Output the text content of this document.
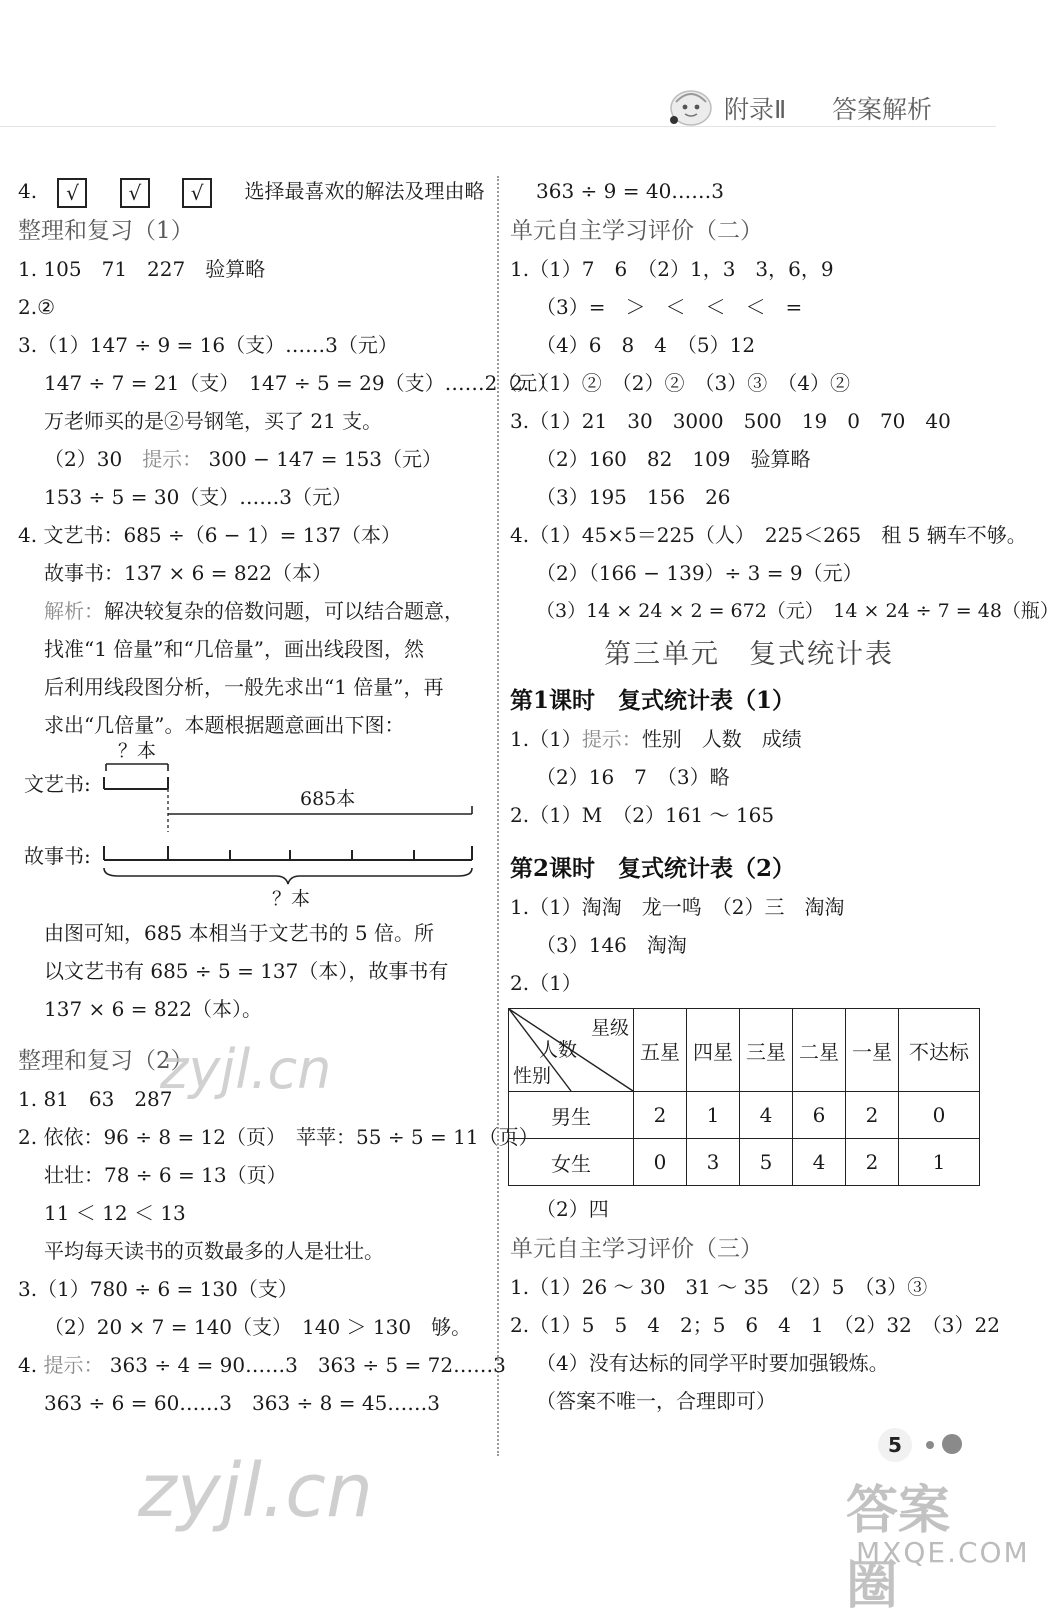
附录Ⅱ 答案解析
4. √ √ √ 选择最喜欢的解法及理由略
整理和复习（1）
1. 105　71　227　验算略
2.②
3.（1）147 ÷ 9 = 16（支）……3（元）
147 ÷ 7 = 21（支）　147 ÷ 5 = 29（支）……2（元）
万老师买的是②号钢笔，买了 21 支。
（2）30　提示： 300 − 147 = 153（元）
153 ÷ 5 = 30（支）……3（元）
4. 文艺书：685 ÷（6 − 1）= 137（本）
故事书：137 × 6 = 822（本）
解析：解决较复杂的倍数问题，可以结合题意，
找准“1 倍量”和“几倍量”，画出线段图，然
后利用线段图分析，一般先求出“1 倍量”，再
求出“几倍量”。本题根据题意画出下图：
？本
文艺书:
685本
故事书:
？本
由图可知，685 本相当于文艺书的 5 倍。所
以文艺书有 685 ÷ 5 = 137（本），故事书有
137 × 6 = 822（本）。
整理和复习（2）
1. 81　63　287
2. 依依：96 ÷ 8 = 12（页）　苹苹：55 ÷ 5 = 11（页）
壮壮：78 ÷ 6 = 13（页）
11 ＜ 12 ＜ 13
平均每天读书的页数最多的人是壮壮。
3.（1）780 ÷ 6 = 130（支）
（2）20 × 7 = 140（支）　140 ＞ 130　够。
4. 提示： 363 ÷ 4 = 90……3　363 ÷ 5 = 72……3
363 ÷ 6 = 60……3　363 ÷ 8 = 45……3
363 ÷ 9 = 40……3
单元自主学习评价（二）
1.（1）7　6　（2）1，3　3，6，9
（3）=　＞　＜　＜　＜　=
（4）6　8　4　（5）12
2.（1）②　（2）②　（3）③　（4）②
3.（1）21　30　3000　500　19　0　70　40
（2）160　82　109　验算略
（3）195　156　26
4.（1）45×5＝225（人）　225＜265　租 5 辆车不够。
（2）（166 − 139）÷ 3 = 9（元）
（3）14 × 24 × 2 = 672（元）　14 × 24 ÷ 7 = 48（瓶）
第三单元　复式统计表
第1课时　复式统计表（1）
1.（1）提示：性别　人数　成绩
（2）16　7　（3）略
2.（1）M　（2）161 ～ 165
第2课时　复式统计表（2）
1.（1）淘淘　龙一鸣　（2）三　淘淘
（3）146　淘淘
2.（1）
星级
人数
性别	五星	四星	三星	二星	一星	不达标
男生	2	1	4	6	2	0
女生	0	3	5	4	2	1
（2）四
单元自主学习评价（三）
1.（1）26 ～ 30　31 ～ 35　（2）5　（3）③
2.（1）5　5　4　2；5　6　4　1　（2）32　（3）22
（4）没有达标的同学平时要加强锻炼。
（答案不唯一，合理即可）
5
zyjl.cn
zyjl.cn	答案圈
MXQE.COM
